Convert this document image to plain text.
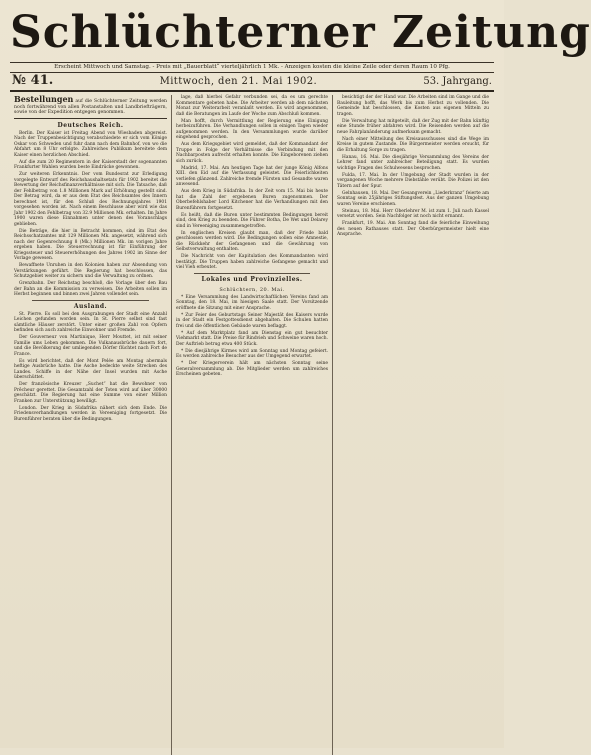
Schlüchterner Zeitung
Erscheint Mittwoch und Samstag. - Preis mit „Bauerblatt“ vierteljährlich 1 Mk. - Anzeigen kosten die kleine Zeile oder deren Raum 10 Pfg.
№ 41.	Mittwoch, den 21. Mai 1902.	53. Jahrgang.
Bestellungen auf die Schlüchterner Zeitung werden noch fortwährend von allen Postanstalten und Landbriefträgern, sowie von der Expedition entgegen genommen.
Deutsches Reich.

Berlin. Der Kaiser ist Freitag Abend von Wiesbaden abgereist. Nach der Truppenbesichtigung verabschiedete er sich vom Könige Oskar von Schweden und fuhr dann nach dem Bahnhof, von wo die Abfahrt um 8 Uhr erfolgte. Zahlreiches Publikum bereitete dem Kaiser einen herzlichen Abschied.

Auf die zum 20 Regimentern in der Kaiserstadt der sogenannten Frankfurter Wahlen wurden beste Eindrücke gewonnen.

Zur weiteren Erkenntnis. Der vom Bundesrat zur Erledigung vorgelegte Entwurf des Reichshaushaltsetats für 1902 bereitet die Bewertung der Reichsfinanzverhältnisse mit sich. Die Tatsache, daß der Fehlbetrag von 1.8 Millionen Mark auf Erhöhung gestellt sind. Der Betrag wird, da er aus dem Etat des Reichsamtes des Innern berechnet ist, für den Schluß des Rechnungsjahres 1901 vorgesehen worden ist. Nach einem Beschlusse aber wird wie das Jahr 1902 den Fehlbetrag von 32.9 Millionen Mk. erhalten. Im Jahre 1900 waren diese Einnahmen unter denen des Voranschlags geblieben.

Die Beträge, die hier in Betracht kommen, sind im Etat des Reichsschatzamtes mit 129 Millionen Mk. angesetzt, während sich nach der Gegenrechnung 8 (Mk.) Millionen Mk. im vorigen Jahre ergeben haben. Die Steuerrechnung ist für Einführung der Kriegssteuer und Steuererhöhungen des Jahres 1902 im Sinne der Vorlage gewesen.

Bewaffnete Unruhen in den Kolonien haben zur Absendung von Verstärkungen geführt. Die Regierung hat beschlossen, das Schutzgebiet weiter zu sichern und die Verwaltung zu ordnen.

Grenzbahn. Der Reichstag beschloß, die Vorlage über den Bau der Bahn an die Kommission zu verweisen. Die Arbeiten sollen im Herbst beginnen und binnen zwei Jahren vollendet sein.

Ausland.

St. Pierre. Es soll bei den Ausgrabungen der Stadt eine Anzahl Leichen gefunden worden sein. In St. Pierre selbst sind fast sämtliche Häuser zerstört. Unter einer großen Zahl von Opfern befinden sich auch zahlreiche Einwohner und Fremde.

Der Gouverneur von Martinique, Herr Mouttet, ist mit seiner Familie ums Leben gekommen. Die Vulkanausbrüche dauern fort, und die Bevölkerung der umliegenden Dörfer flüchtet nach Fort de France.

Es wird berichtet, daß der Mont Pelée am Montag abermals heftige Ausbrüche hatte. Die Asche bedeckte weite Strecken des Landes. Schiffe in der Nähe der Insel wurden mit Asche überschüttet.

Der französische Kreuzer „Suchet“ hat die Bewohner von Prêcheur gerettet. Die Gesamtzahl der Toten wird auf über 30000 geschätzt. Die Regierung hat eine Summe von einer Million Franken zur Unterstützung bewilligt.

London. Der Krieg in Südafrika nähert sich dem Ende. Die Friedensverhandlungen werden in Vereeniging fortgesetzt. Die Burenführer beraten über die Bedingungen.

lage, daß hierbei Gefahr verbunden sei, da es um gerechte Kommentare gebeten habe. Die Arbeiter werden ab dem nächsten Monat zur Weiterarbeit veranlaßt werden. Es wird angenommen, daß die Beratungen im Laufe der Woche zum Abschluß kommen.

Man hofft, durch Vermittlung der Regierung eine Einigung herbeizuführen. Die Verhandlungen sollen in einigen Tagen wieder aufgenommen werden. In den Versammlungen wurde darüber eingehend gesprochen.

Aus dem Kriegsgebiet wird gemeldet, daß der Kommandant der Truppe in Folge der Verhältnisse die Verbindung mit den Nachbarposten aufrecht erhalten konnte. Die Eingeborenen ziehen sich zurück.

Madrid, 17. Mai. Am heutigen Tage hat der junge König Alfons XIII. den Eid auf die Verfassung geleistet. Die Feierlichkeiten verliefen glänzend. Zahlreiche fremde Fürsten und Gesandte waren anwesend.

Aus dem Krieg in Südafrika. In der Zeit vom 15. Mai bis heute hat die Zahl der ergebenen Buren zugenommen. Der Oberbefehlshaber Lord Kitchener hat die Verhandlungen mit den Burenführern fortgesetzt.

Es heißt, daß die Buren unter bestimmten Bedingungen bereit sind, den Krieg zu beenden. Die Führer Botha, De Wet und Delarey sind in Vereeniging zusammengetroffen.

In englischen Kreisen glaubt man, daß der Friede bald geschlossen werden wird. Die Bedingungen sollen eine Amnestie, die Rückkehr der Gefangenen und die Gewährung von Selbstverwaltung enthalten.

Die Nachricht von der Kapitulation des Kommandanten wird bestätigt. Die Truppen haben zahlreiche Gefangene gemacht und viel Vieh erbeutet.

Lokales und Provinzielles.
Schlüchtern, 20. Mai.

* Eine Versammlung des Landwirtschaftlichen Vereins fand am Sonntag, den 18. Mai, im hiesigen Saale statt. Der Vorsitzende eröffnete die Sitzung mit einer Ansprache.

* Zur Feier des Geburtstags Seiner Majestät des Kaisers wurde in der Stadt ein Festgottesdienst abgehalten. Die Schulen hatten frei und die öffentlichen Gebäude waren beflaggt.

* Auf dem Marktplatz fand am Dienstag ein gut besuchter Viehmarkt statt. Die Preise für Rindvieh und Schweine waren hoch. Der Auftrieb betrug etwa 400 Stück.

* Die diesjährige Kirmes wird am Sonntag und Montag gefeiert. Es werden zahlreiche Besucher aus der Umgegend erwartet.

* Der Kriegerverein hält am nächsten Sonntag seine Generalversammlung ab. Die Mitglieder werden um zahlreiches Erscheinen gebeten.

besichtigt der der Hand war. Die Arbeiten sind im Gange und die Bauleitung hofft, das Werk bis zum Herbst zu vollenden. Die Gemeinde hat beschlossen, die Kosten aus eigenen Mitteln zu tragen.

Die Verwaltung hat mitgeteilt, daß der Zug mit der Bahn künftig eine Stunde früher abfahren wird. Die Reisenden werden auf die neue Fahrplanänderung aufmerksam gemacht.

Nach einer Mitteilung des Kreisausschusses sind die Wege im Kreise in gutem Zustande. Die Bürgermeister werden ersucht, für die Erhaltung Sorge zu tragen.

Hanau, 16. Mai. Die diesjährige Versammlung des Vereins der Lehrer fand unter zahlreicher Beteiligung statt. Es wurden wichtige Fragen des Schulwesens besprochen.

Fulda, 17. Mai. In der Umgebung der Stadt wurden in der vergangenen Woche mehrere Diebstähle verübt. Die Polizei ist den Tätern auf der Spur.

Gelnhausen, 18. Mai. Der Gesangverein „Liederkranz“ feierte am Sonntag sein 25jähriges Stiftungsfest. Aus der ganzen Umgebung waren Vereine erschienen.

Steinau, 18. Mai. Herr Oberlehrer M. ist zum 1. Juli nach Kassel versetzt worden. Sein Nachfolger ist noch nicht ernannt.

Frankfurt, 19. Mai. Am Sonntag fand die feierliche Einweihung des neuen Rathauses statt. Der Oberbürgermeister hielt eine Ansprache.
